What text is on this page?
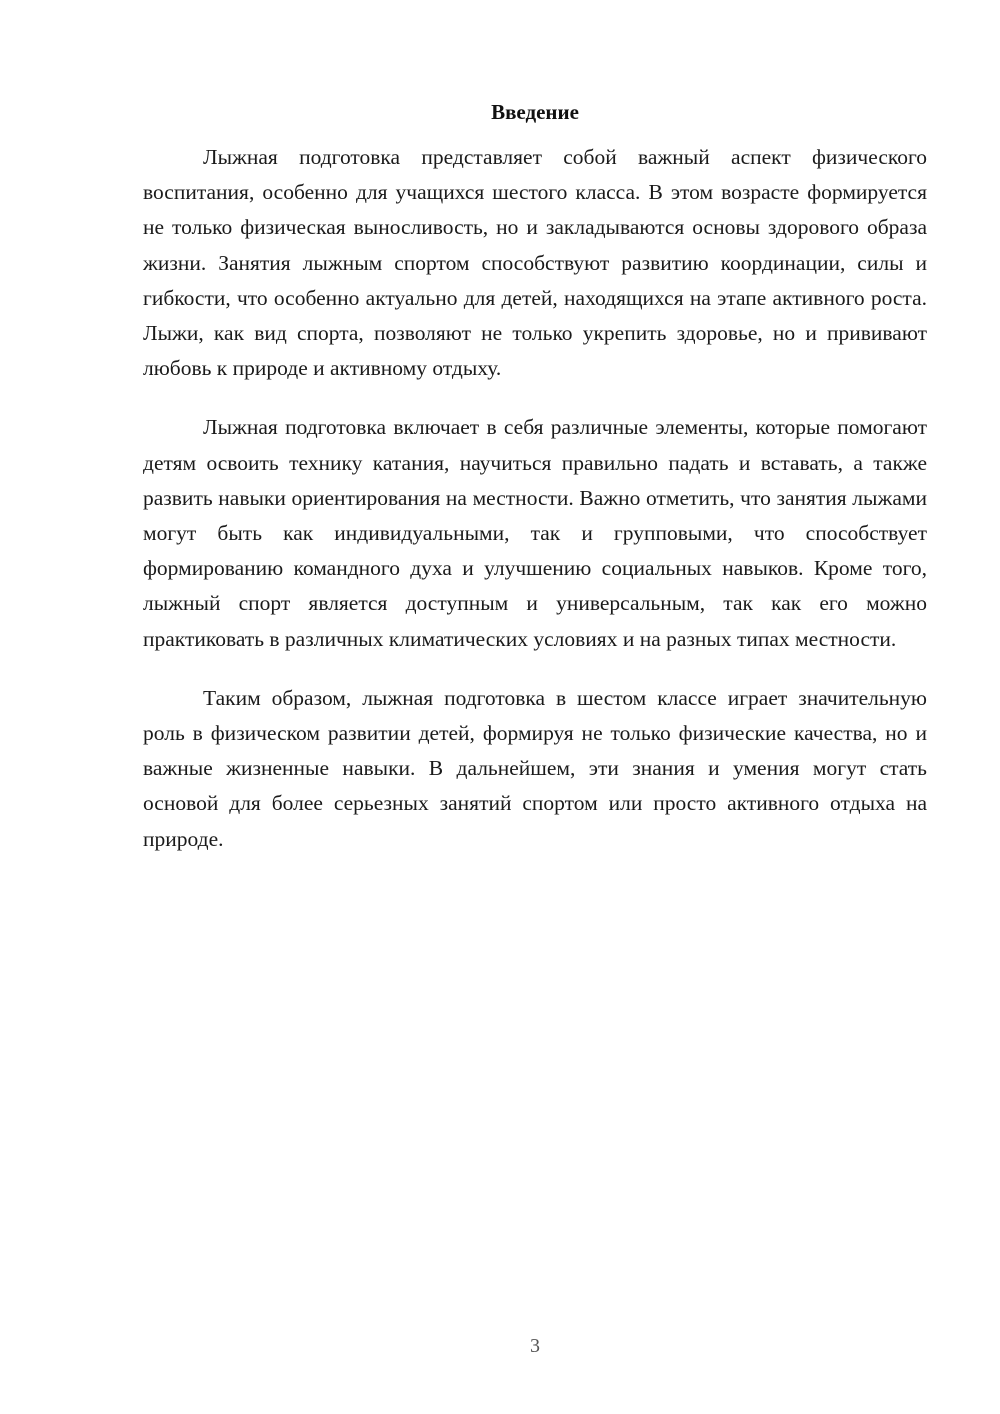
Введение

Лыжная подготовка представляет собой важный аспект физического воспитания, особенно для учащихся шестого класса. В этом возрасте формируется не только физическая выносливость, но и закладываются основы здорового образа жизни. Занятия лыжным спортом способствуют развитию координации, силы и гибкости, что особенно актуально для детей, находящихся на этапе активного роста. Лыжи, как вид спорта, позволяют не только укрепить здоровье, но и прививают любовь к природе и активному отдыху.

Лыжная подготовка включает в себя различные элементы, которые помогают детям освоить технику катания, научиться правильно падать и вставать, а также развить навыки ориентирования на местности. Важно отметить, что занятия лыжами могут быть как индивидуальными, так и групповыми, что способствует формированию командного духа и улучшению социальных навыков. Кроме того, лыжный спорт является доступным и универсальным, так как его можно практиковать в различных климатических условиях и на разных типах местности.

Таким образом, лыжная подготовка в шестом классе играет значительную роль в физическом развитии детей, формируя не только физические качества, но и важные жизненные навыки. В дальнейшем, эти знания и умения могут стать основой для более серьезных занятий спортом или просто активного отдыха на природе.

3
